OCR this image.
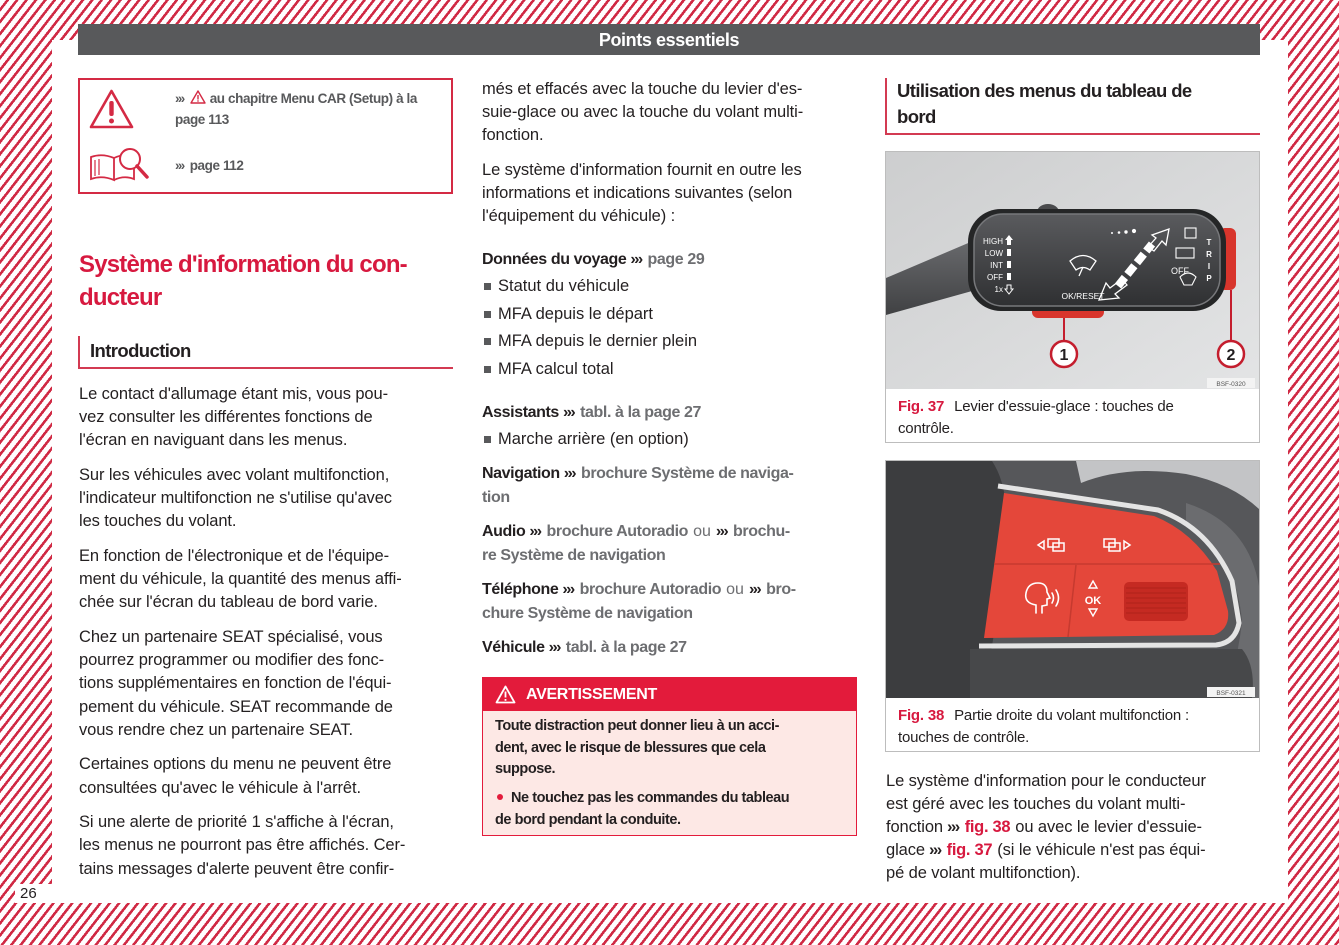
26
Points essentiels
››› au chapitre Menu CAR (Setup) à la
page 113
››› page 112
Système d'information du con-
ducteur
Introduction
Le contact d'allumage étant mis, vous pou-
vez consulter les différentes fonctions de
l'écran en naviguant dans les menus.
Sur les véhicules avec volant multifonction,
l'indicateur multifonction ne s'utilise qu'avec
les touches du volant.
En fonction de l'électronique et de l'équipe-
ment du véhicule, la quantité des menus affi-
chée sur l'écran du tableau de bord varie.
Chez un partenaire SEAT spécialisé, vous
pourrez programmer ou modifier des fonc-
tions supplémentaires en fonction de l'équi-
pement du véhicule. SEAT recommande de
vous rendre chez un partenaire SEAT.
Certaines options du menu ne peuvent être
consultées qu'avec le véhicule à l'arrêt.
Si une alerte de priorité 1 s'affiche à l'écran,
les menus ne pourront pas être affichés. Cer-
tains messages d'alerte peuvent être confir-
més et effacés avec la touche du levier d'es-
suie-glace ou avec la touche du volant multi-
fonction.
Le système d'information fournit en outre les
informations et indications suivantes (selon
l'équipement du véhicule) :
Données du voyage ››› page 29
Statut du véhicule
MFA depuis le départ
MFA depuis le dernier plein
MFA calcul total
Assistants ››› tabl. à la page 27
Marche arrière (en option)
Navigation ››› brochure Système de naviga-
tion
Audio ››› brochure Autoradio ou ››› brochu-
re Système de navigation
Téléphone ››› brochure Autoradio ou ››› bro-
chure Système de navigation
Véhicule ››› tabl. à la page 27
AVERTISSEMENT
Toute distraction peut donner lieu à un acci-
dent, avec le risque de blessures que cela
suppose.
Ne touchez pas les commandes du tableau
de bord pendant la conduite.
Utilisation des menus du tableau de
bord
HIGH
LOW
INT
OFF
1x
OK/RESET
OFF
T
R
I
P
1	2
BSF-0320
Fig. 37 Levier d'essuie-glace : touches de
contrôle.
OK
BSF-0321
Fig. 38 Partie droite du volant multifonction :
touches de contrôle.
Le système d'information pour le conducteur
est géré avec les touches du volant multi-
fonction ››› fig. 38 ou avec le levier d'essuie-
glace ››› fig. 37 (si le véhicule n'est pas équi-
pé de volant multifonction).
